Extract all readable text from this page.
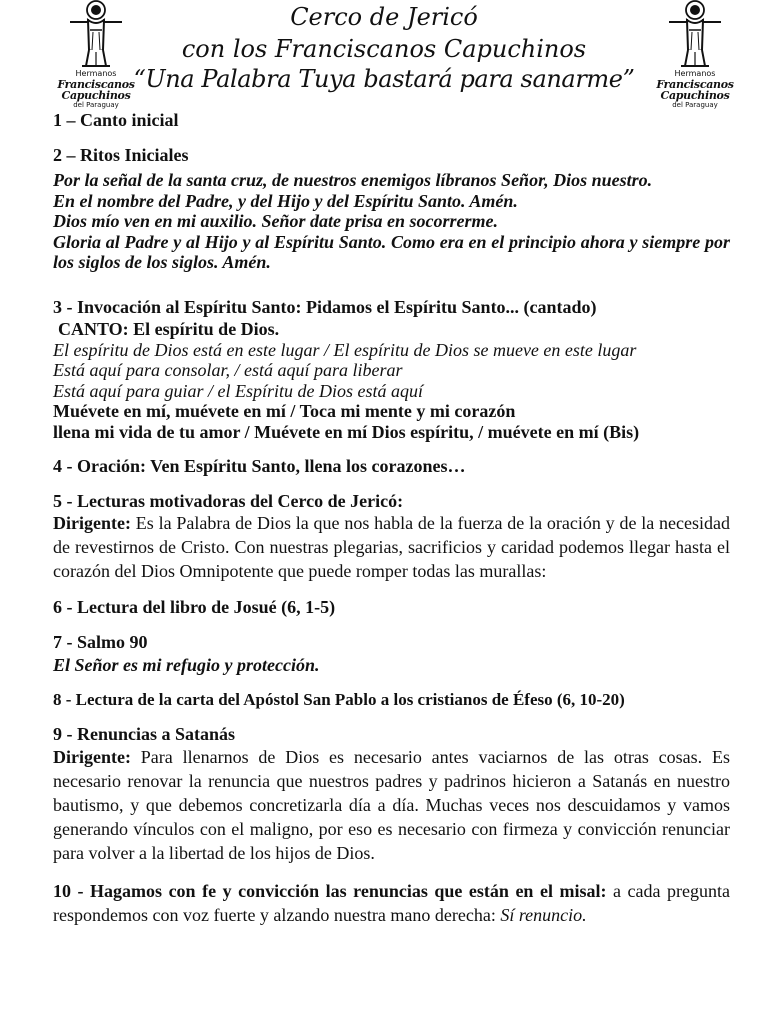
Hermanos
Franciscanos
Capuchinos
del Paraguay
Cerco de Jericó
con los Franciscanos Capuchinos
“Una Palabra Tuya bastará para sanarme”	Hermanos
Franciscanos
Capuchinos
del Paraguay

1 – Canto inicial

2 – Ritos Iniciales

Por la señal de la santa cruz, de nuestros enemigos líbranos Señor, Dios nuestro.

En el nombre del Padre, y del Hijo y del Espíritu Santo. Amén.

Dios mío ven en mi auxilio. Señor date prisa en socorrerme.

Gloria al Padre y al Hijo y al Espíritu Santo. Como era en el principio ahora y siempre por los siglos de los siglos. Amén.

3 - Invocación al Espíritu Santo: Pidamos el Espíritu Santo... (cantado)

CANTO: El espíritu de Dios.

El espíritu de Dios está en este lugar / El espíritu de Dios se mueve en este lugar

Está aquí para consolar, / está aquí para liberar

Está aquí para guiar / el Espíritu de Dios está aquí

Muévete en mí, muévete en mí / Toca mi mente y mi corazón

llena mi vida de tu amor / Muévete en mí Dios espíritu, / muévete en mí (Bis)

4 - Oración: Ven Espíritu Santo, llena los corazones…

5 - Lecturas motivadoras del Cerco de Jericó:

Dirigente: Es la Palabra de Dios la que nos habla de la fuerza de la oración y de la necesidad de revestirnos de Cristo. Con nuestras plegarias, sacrificios y caridad podemos llegar hasta el corazón del Dios Omnipotente que puede romper todas las murallas:

6 - Lectura del libro de Josué (6, 1-5)

7 - Salmo 90

El Señor es mi refugio y protección.

8 - Lectura de la carta del Apóstol San Pablo a los cristianos de Éfeso (6, 10-20)

9 - Renuncias a Satanás

Dirigente: Para llenarnos de Dios es necesario antes vaciarnos de las otras cosas. Es necesario renovar la renuncia que nuestros padres y padrinos hicieron a Satanás en nuestro bautismo, y que debemos concretizarla día a día. Muchas veces nos descuidamos y vamos generando vínculos con el maligno, por eso es necesario con firmeza y convicción renunciar para volver a la libertad de los hijos de Dios.

10 - Hagamos con fe y convicción las renuncias que están en el misal: a cada pregunta respondemos con voz fuerte y alzando nuestra mano derecha: Sí renuncio.
